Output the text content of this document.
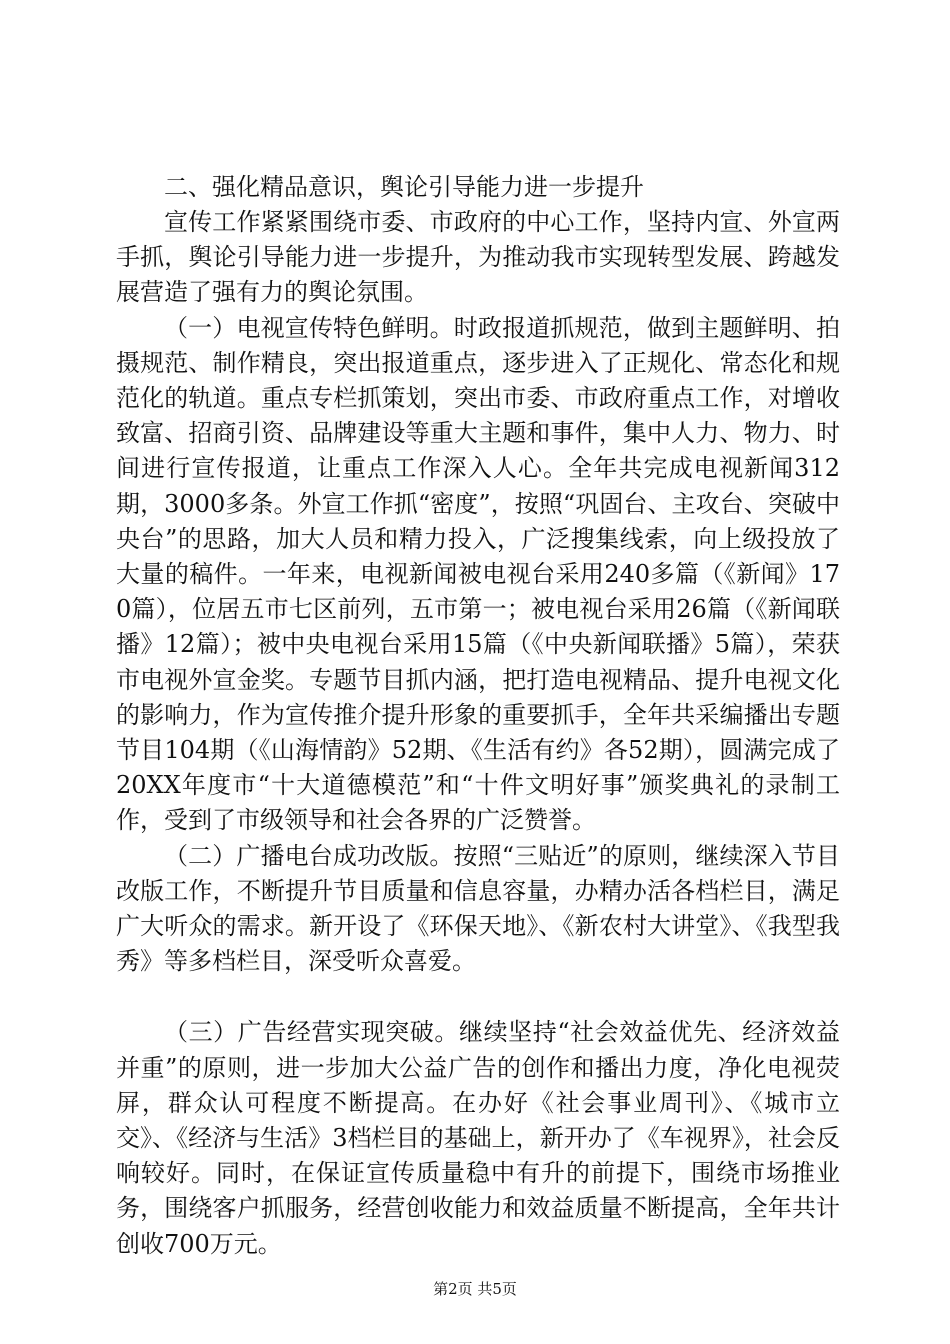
二、强化精品意识，舆论引导能力进一步提升

宣传工作紧紧围绕市委、市政府的中心工作，坚持内宣、外宣两手抓，舆论引导能力进一步提升，为推动我市实现转型发展、跨越发展营造了强有力的舆论氛围。

（一）电视宣传特色鲜明。时政报道抓规范，做到主题鲜明、拍摄规范、制作精良，突出报道重点，逐步进入了正规化、常态化和规范化的轨道。重点专栏抓策划，突出市委、市政府重点工作，对增收致富、招商引资、品牌建设等重大主题和事件，集中人力、物力、时间进行宣传报道，让重点工作深入人心。全年共完成电视新闻312期，3000多条。外宣工作抓“密度”，按照“巩固台、主攻台、突破中央台”的思路，加大人员和精力投入，广泛搜集线索，向上级投放了大量的稿件。一年来，电视新闻被电视台采用240多篇（《新闻》170篇），位居五市七区前列，五市第一；被电视台采用26篇（《新闻联播》12篇）；被中央电视台采用15篇（《中央新闻联播》5篇），荣获市电视外宣金奖。专题节目抓内涵，把打造电视精品、提升电视文化的影响力，作为宣传推介提升形象的重要抓手，全年共采编播出专题节目104期（《山海情韵》52期、《生活有约》各52期），圆满完成了20XX年度市“十大道德模范”和“十件文明好事”颁奖典礼的录制工作，受到了市级领导和社会各界的广泛赞誉。

（二）广播电台成功改版。按照“三贴近”的原则，继续深入节目改版工作，不断提升节目质量和信息容量，办精办活各档栏目，满足广大听众的需求。新开设了《环保天地》、《新农村大讲堂》、《我型我秀》等多档栏目，深受听众喜爱。

（三）广告经营实现突破。继续坚持“社会效益优先、经济效益并重”的原则，进一步加大公益广告的创作和播出力度，净化电视荧屏，群众认可程度不断提高。在办好《社会事业周刊》、《城市立交》、《经济与生活》3档栏目的基础上，新开办了《车视界》，社会反响较好。同时，在保证宣传质量稳中有升的前提下，围绕市场推业务，围绕客户抓服务，经营创收能力和效益质量不断提高，全年共计创收700万元。

第2页 共5页
